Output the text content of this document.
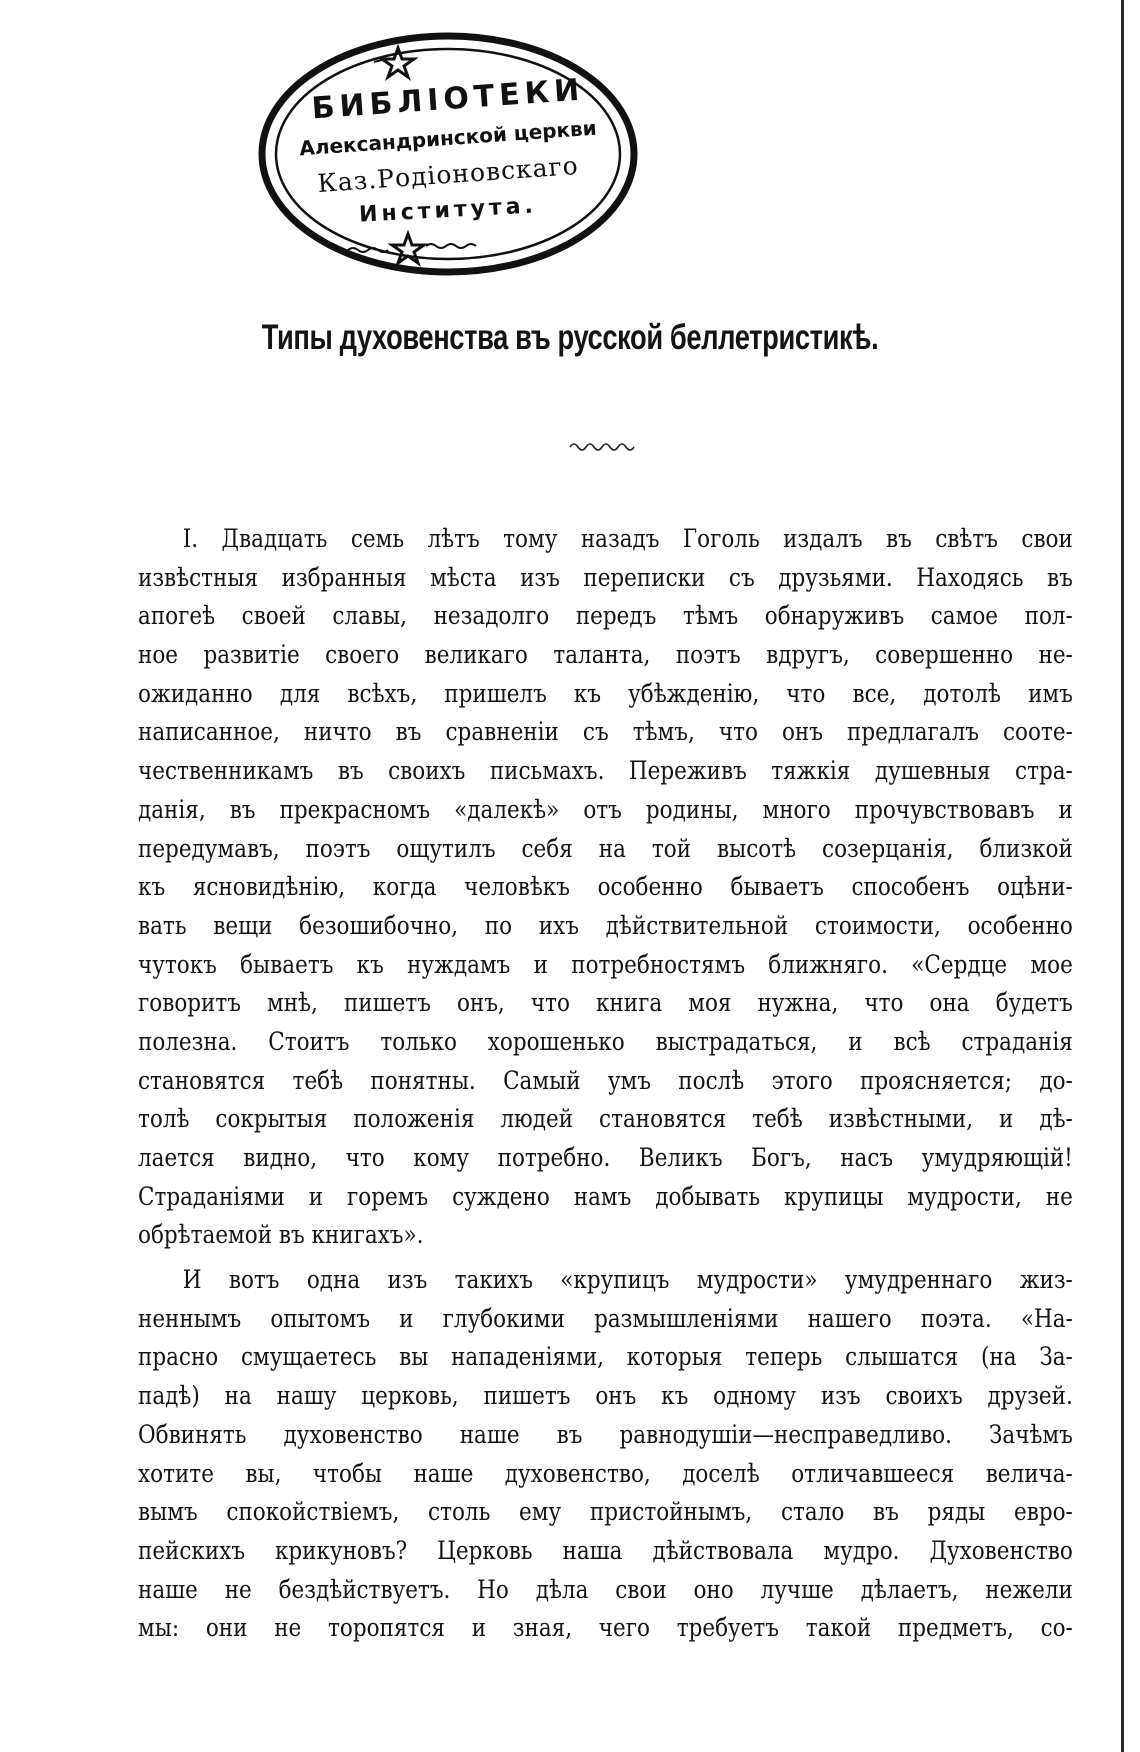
БИБЛІОТЕКИ
Александринской церкви
Каз.Родіоновскаго
Института.
Типы духовенства въ русской беллетристикѣ.
I. Двадцать семь лѣтъ тому назадъ Гоголь издалъ въ свѣтъ свои
извѣстныя избранныя мѣста изъ переписки съ друзьями. Находясь въ
апогеѣ своей славы, незадолго передъ тѣмъ обнаруживъ самое пол-
ное развитіе своего великаго таланта, поэтъ вдругъ, совершенно не-
ожиданно для всѣхъ, пришелъ къ убѣжденію, что все, дотолѣ имъ
написанное, ничто въ сравненіи съ тѣмъ, что онъ предлагалъ соотe-
чественникамъ въ своихъ письмахъ. Переживъ тяжкія душевныя стра-
данія, въ прекрасномъ «далекѣ» отъ родины, много прочувствовавъ и
передумавъ, поэтъ ощутилъ себя на той высотѣ созерцанія, близкой
къ ясновидѣнію, когда человѣкъ особенно бываетъ способенъ оцѣни-
вать вещи безошибочно, по ихъ дѣйствительной стоимости, особенно
чутокъ бываетъ къ нуждамъ и потребностямъ ближняго. «Сердце мое
говоритъ мнѣ, пишетъ онъ, что книга моя нужна, что она будетъ
полезна. Стоитъ только хорошенько выстрадаться, и всѣ страданія
становятся тебѣ понятны. Самый умъ послѣ этого проясняется; до-
толѣ сокрытыя положенія людей становятся тебѣ извѣстными, и дѣ-
лается видно, что кому потребно. Великъ Богъ, насъ умудряющій!
Страданіями и горемъ суждено намъ добывать крупицы мудрости, не
обрѣтаемой въ книгахъ».
И вотъ одна изъ такихъ «крупицъ мудрости» умудреннаго жиз-
неннымъ опытомъ и глубокими размышленіями нашего поэта. «На-
прасно смущаетесь вы нападеніями, которыя теперь слышатся (на За-
падѣ) на нашу церковь, пишетъ онъ къ одному изъ своихъ друзей.
Обвинять духовенство наше въ равнодушіи—несправедливо. Зачѣмъ
хотите вы, чтобы наше духовенство, доселѣ отличавшееся величa-
вымъ спокойствіемъ, столь ему пристойнымъ, стало въ ряды евро-
пейскихъ крикуновъ? Церковь наша дѣйствовала мудро. Духовенство
наше не бездѣйствуетъ. Но дѣла свои оно лучше дѣлаетъ, нежели
мы: они не торопятся и зная, чего требуетъ такой предметъ, со-
